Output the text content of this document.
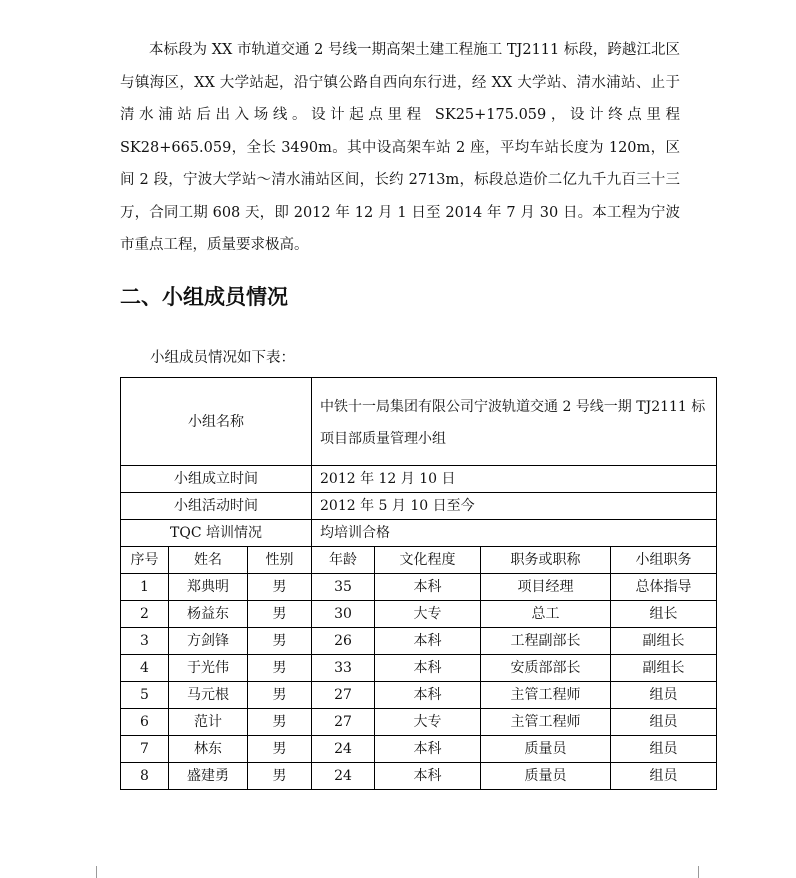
本标段为 XX 市轨道交通 2 号线一期高架土建工程施工 TJ2111 标段，跨越江北区与镇海区，XX 大学站起，沿宁镇公路自西向东行进，经 XX 大学站、清水浦站、止于清水浦站后出入场线。设计起点里程 SK25+175.059，设计终点里程 SK28+665.059，全长 3490m。其中设高架车站 2 座，平均车站长度为 120m，区间 2 段，宁波大学站～清水浦站区间，长约 2713m，标段总造价二亿九千九百三十三万，合同工期 608 天，即 2012 年 12 月 1 日至 2014 年 7 月 30 日。本工程为宁波市重点工程，质量要求极高。

二、小组成员情况

小组成员情况如下表：

小组名称			中铁十一局集团有限公司宁波轨道交通 2 号线一期 TJ2111 标项目部质量管理小组			
小组成立时间			2012 年 12 月 10 日			
小组活动时间			2012 年 5 月 10 日至今			
TQC 培训情况			均培训合格			
序号	姓名	性别	年龄	文化程度	职务或职称	小组职务
1	郑典明	男	35	本科	项目经理	总体指导
2	杨益东	男	30	大专	总工	组长
3	方剑锋	男	26	本科	工程副部长	副组长
4	于光伟	男	33	本科	安质部部长	副组长
5	马元根	男	27	本科	主管工程师	组员
6	范计	男	27	大专	主管工程师	组员
7	林东	男	24	本科	质量员	组员
8	盛建勇	男	24	本科	质量员	组员
